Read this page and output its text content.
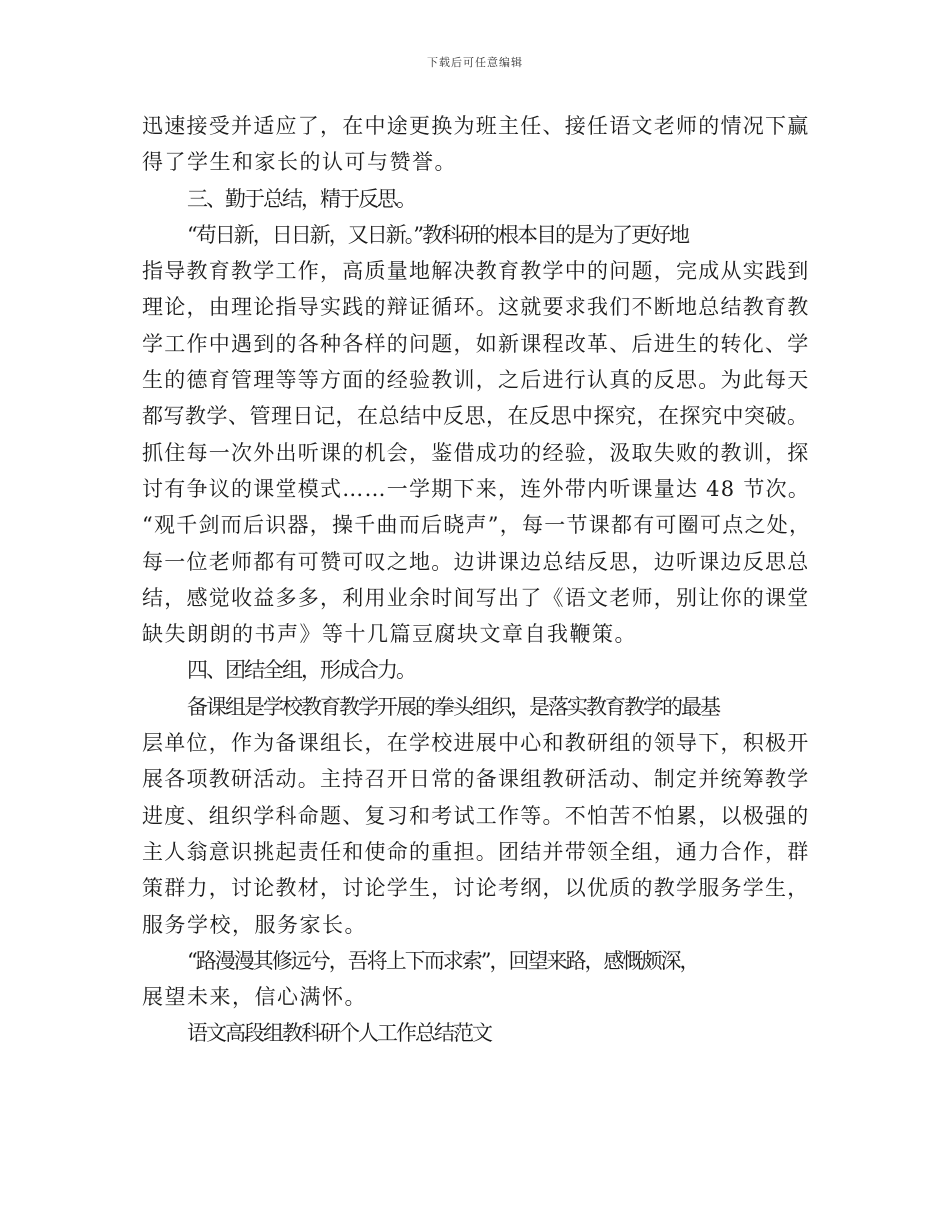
下载后可任意编辑
迅速接受并适应了，在中途更换为班主任、接任语文老师的情况下赢
得了学生和家长的认可与赞誉。
三、勤于总结，精于反思。
“苟日新，日日新，又日新。”教科研的根本目的是为了更好地
指导教育教学工作，高质量地解决教育教学中的问题，完成从实践到
理论，由理论指导实践的辩证循环。这就要求我们不断地总结教育教
学工作中遇到的各种各样的问题，如新课程改革、后进生的转化、学
生的德育管理等等方面的经验教训，之后进行认真的反思。为此每天
都写教学、管理日记，在总结中反思，在反思中探究，在探究中突破。
抓住每一次外出听课的机会，鉴借成功的经验，汲取失败的教训，探
讨有争议的课堂模式……一学期下来，连外带内听课量达 48 节次。
“观千剑而后识器，操千曲而后晓声”，每一节课都有可圈可点之处，
每一位老师都有可赞可叹之地。边讲课边总结反思，边听课边反思总
结，感觉收益多多，利用业余时间写出了《语文老师，别让你的课堂
缺失朗朗的书声》等十几篇豆腐块文章自我鞭策。
四、团结全组，形成合力。
备课组是学校教育教学开展的拳头组织，是落实教育教学的最基
层单位，作为备课组长，在学校进展中心和教研组的领导下，积极开
展各项教研活动。主持召开日常的备课组教研活动、制定并统筹教学
进度、组织学科命题、复习和考试工作等。不怕苦不怕累，以极强的
主人翁意识挑起责任和使命的重担。团结并带领全组，通力合作，群
策群力，讨论教材，讨论学生，讨论考纲，以优质的教学服务学生，
服务学校，服务家长。
“路漫漫其修远兮，吾将上下而求索”，回望来路，感慨颇深，
展望未来，信心满怀。
语文高段组教科研个人工作总结范文
